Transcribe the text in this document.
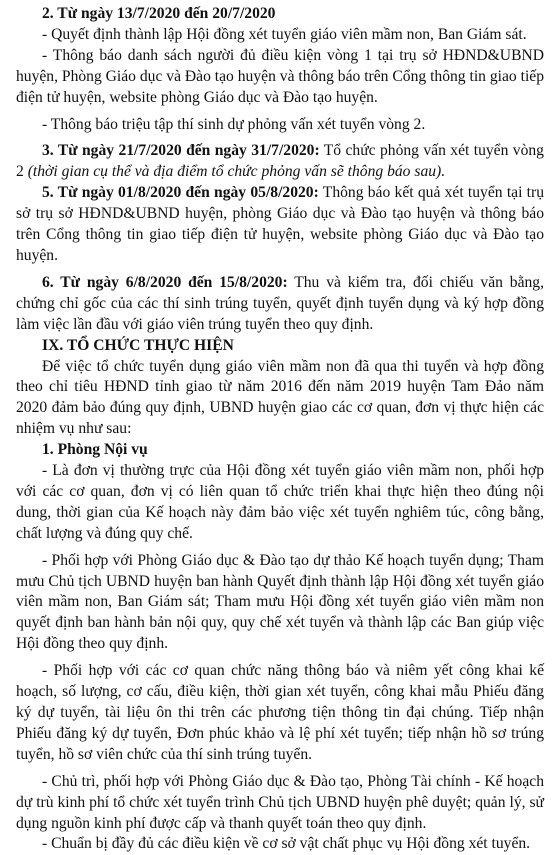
2. Từ ngày 13/7/2020 đến 20/7/2020

- Quyết định thành lập Hội đồng xét tuyển giáo viên mầm non, Ban Giám sát.

- Thông báo danh sách người đủ điều kiện vòng 1 tại trụ sở HĐND&UBND huyện, Phòng Giáo dục và Đào tạo huyện và thông báo trên Cổng thông tin giao tiếp điện tử huyện, website phòng Giáo dục và Đào tạo huyện.

- Thông báo triệu tập thí sinh dự phỏng vấn xét tuyển vòng 2.

3. Từ ngày 21/7/2020 đến ngày 31/7/2020: Tổ chức phỏng vấn xét tuyển vòng 2 (thời gian cụ thể và địa điểm tổ chức phỏng vấn sẽ thông báo sau).

5. Từ ngày 01/8/2020 đến ngày 05/8/2020: Thông báo kết quả xét tuyển tại trụ sở trụ sở HĐND&UBND huyện, phòng Giáo dục và Đào tạo huyện và thông báo trên Cổng thông tin giao tiếp điện tử huyện, website phòng Giáo dục và Đào tạo huyện.

6. Từ ngày 6/8/2020 đến 15/8/2020: Thu và kiểm tra, đối chiếu văn bằng, chứng chỉ gốc của các thí sinh trúng tuyển, quyết định tuyển dụng và ký hợp đồng làm việc lần đầu với giáo viên trúng tuyển theo quy định.

IX. TỔ CHỨC THỰC HIỆN

Để việc tổ chức tuyển dụng giáo viên mầm non đã qua thi tuyển và hợp đồng theo chỉ tiêu HĐND tỉnh giao từ năm 2016 đến năm 2019 huyện Tam Đảo năm 2020 đảm bảo đúng quy định, UBND huyện giao các cơ quan, đơn vị thực hiện các nhiệm vụ như sau:

1. Phòng Nội vụ

- Là đơn vị thường trực của Hội đồng xét tuyển giáo viên mầm non, phối hợp với các cơ quan, đơn vị có liên quan tổ chức triển khai thực hiện theo đúng nội dung, thời gian của Kế hoạch này đảm bảo việc xét tuyển nghiêm túc, công bằng, chất lượng và đúng quy chế.

- Phối hợp với Phòng Giáo dục & Đào tạo dự thảo Kế hoạch tuyển dụng; Tham mưu Chủ tịch UBND huyện ban hành Quyết định thành lập Hội đồng xét tuyển giáo viên mầm non, Ban Giám sát; Tham mưu Hội đồng xét tuyển giáo viên mầm non quyết định ban hành bản nội quy, quy chế xét tuyển và thành lập các Ban giúp việc Hội đồng theo quy định.

- Phối hợp với các cơ quan chức năng thông báo và niêm yết công khai kế hoạch, số lượng, cơ cấu, điều kiện, thời gian xét tuyển, công khai mẫu Phiếu đăng ký dự tuyển, tài liệu ôn thi trên các phương tiện thông tin đại chúng. Tiếp nhận Phiếu đăng ký dự tuyển, Đơn phúc khảo và lệ phí xét tuyển; tiếp nhận hồ sơ trúng tuyển, hồ sơ viên chức của thí sinh trúng tuyển.

- Chủ trì, phối hợp với Phòng Giáo dục & Đào tạo, Phòng Tài chính - Kế hoạch dự trù kinh phí tổ chức xét tuyển trình Chủ tịch UBND huyện phê duyệt; quản lý, sử dụng nguồn kinh phí được cấp và thanh quyết toán theo quy định.

- Chuẩn bị đầy đủ các điều kiện về cơ sở vật chất phục vụ Hội đồng xét tuyển.
